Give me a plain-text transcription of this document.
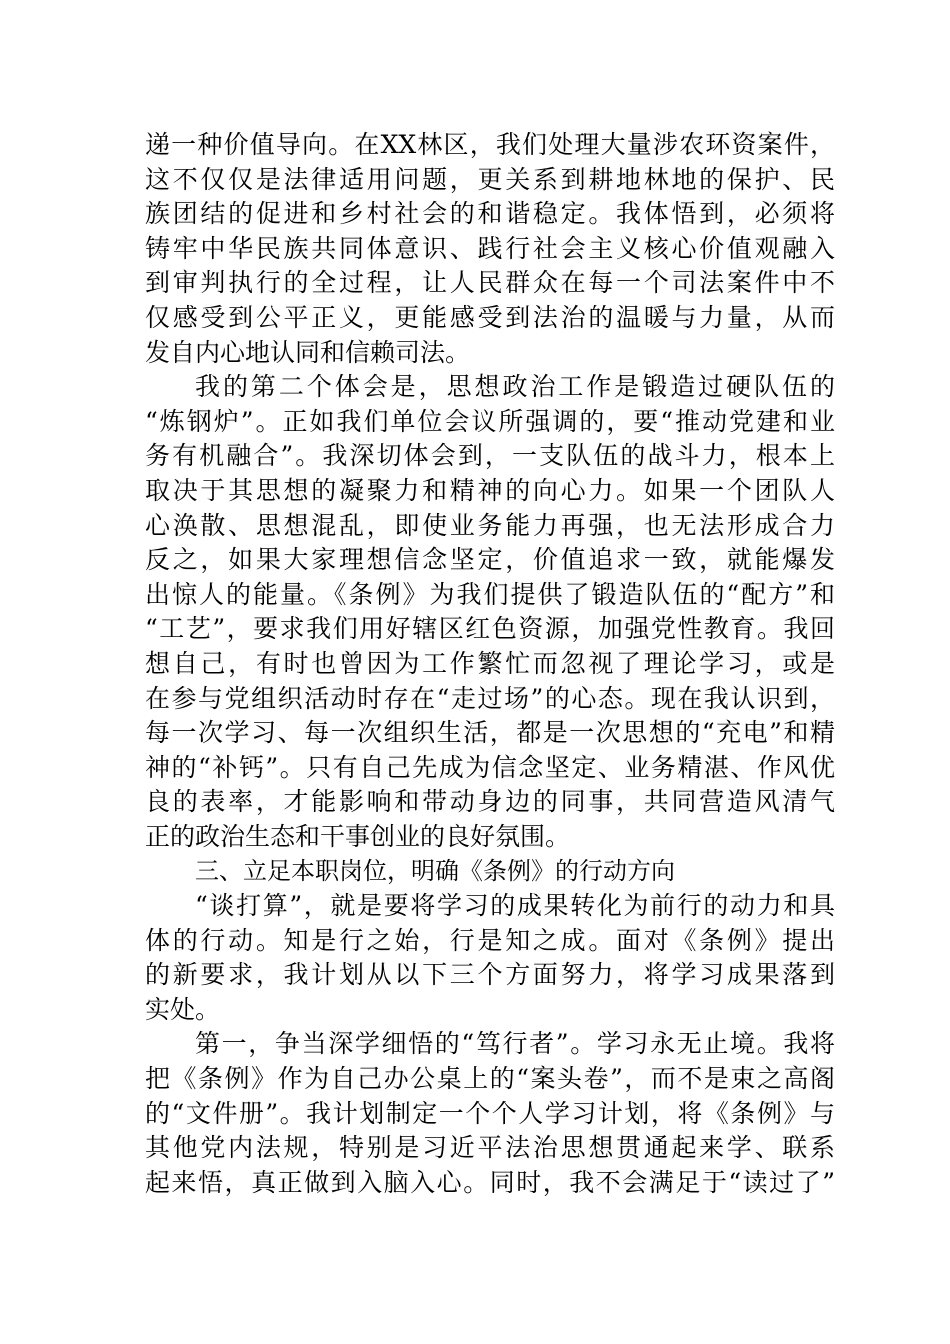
递一种价值导向。在XX林区，我们处理大量涉农环资案件，
这不仅仅是法律适用问题，更关系到耕地林地的保护、民
族团结的促进和乡村社会的和谐稳定。我体悟到，必须将
铸牢中华民族共同体意识、践行社会主义核心价值观融入
到审判执行的全过程，让人民群众在每一个司法案件中不
仅感受到公平正义，更能感受到法治的温暖与力量，从而
发自内心地认同和信赖司法。
我的第二个体会是，思想政治工作是锻造过硬队伍的
“炼钢炉”。正如我们单位会议所强调的，要“推动党建和业
务有机融合”。我深切体会到，一支队伍的战斗力，根本上
取决于其思想的凝聚力和精神的向心力。如果一个团队人
心涣散、思想混乱，即使业务能力再强，也无法形成合力
反之，如果大家理想信念坚定，价值追求一致，就能爆发
出惊人的能量。《条例》为我们提供了锻造队伍的“配方”和
“工艺”，要求我们用好辖区红色资源，加强党性教育。我回
想自己，有时也曾因为工作繁忙而忽视了理论学习，或是
在参与党组织活动时存在“走过场”的心态。现在我认识到，
每一次学习、每一次组织生活，都是一次思想的“充电”和精
神的“补钙”。只有自己先成为信念坚定、业务精湛、作风优
良的表率，才能影响和带动身边的同事，共同营造风清气
正的政治生态和干事创业的良好氛围。
三、立足本职岗位，明确《条例》的行动方向
“谈打算”，就是要将学习的成果转化为前行的动力和具
体的行动。知是行之始，行是知之成。面对《条例》提出
的新要求，我计划从以下三个方面努力，将学习成果落到
实处。
第一，争当深学细悟的“笃行者”。学习永无止境。我将
把《条例》作为自己办公桌上的“案头卷”，而不是束之高阁
的“文件册”。我计划制定一个个人学习计划，将《条例》与
其他党内法规，特别是习近平法治思想贯通起来学、联系
起来悟，真正做到入脑入心。同时，我不会满足于“读过了”
